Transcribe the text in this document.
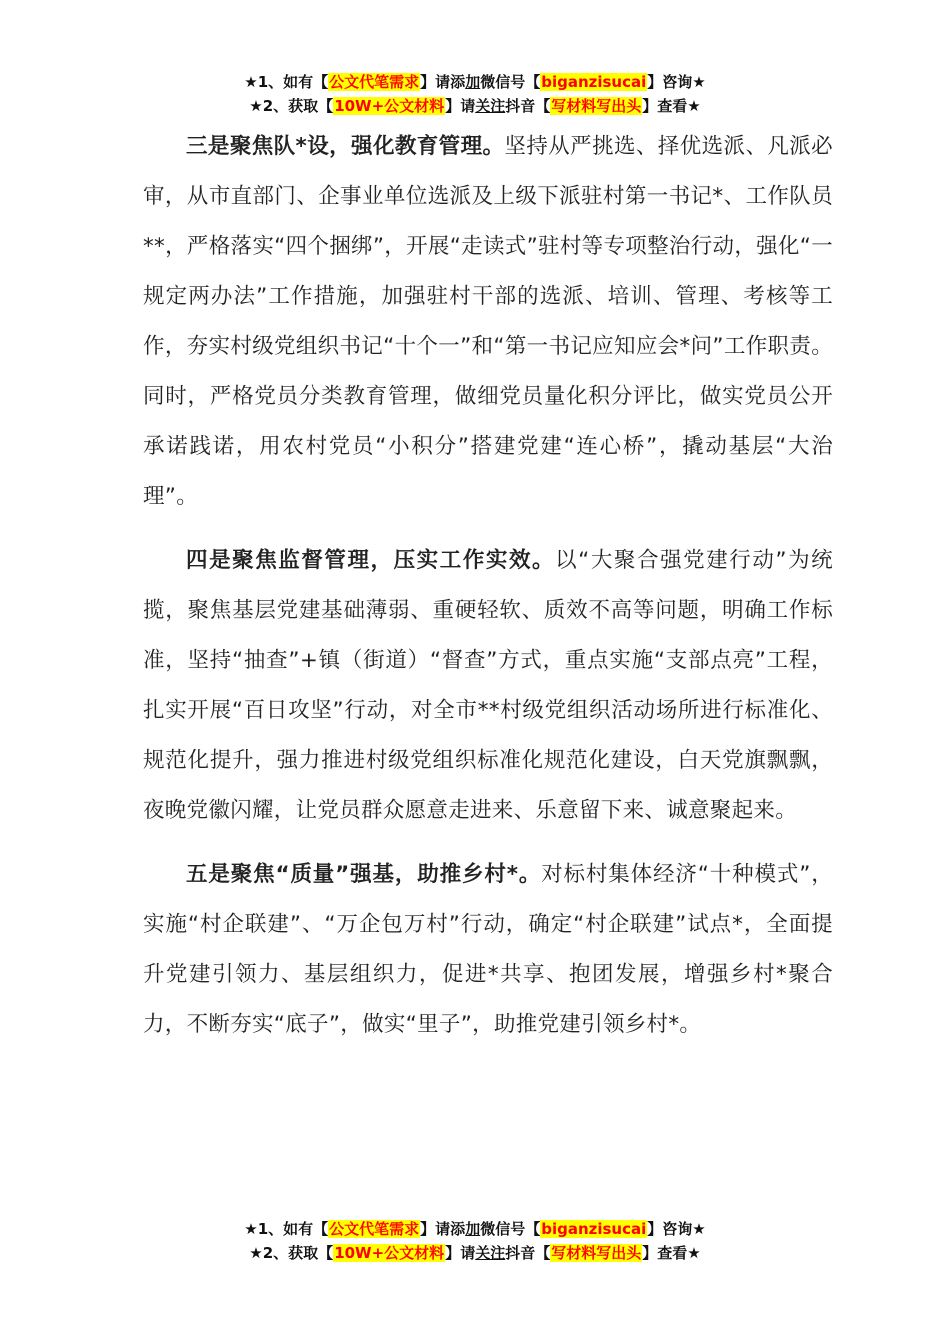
★1、如有【公文代笔需求】请添加微信号【biganzisucai】咨询★
★2、获取【10W+公文材料】请关注抖音【写材料写出头】查看★

三是聚焦队*设，强化教育管理。坚持从严挑选、择优选派、凡派必审，从市直部门、企事业单位选派及上级下派驻村第一书记*、工作队员**，严格落实“四个捆绑”，开展“走读式”驻村等专项整治行动，强化“一规定两办法”工作措施，加强驻村干部的选派、培训、管理、考核等工作，夯实村级党组织书记“十个一”和“第一书记应知应会*问”工作职责。同时，严格党员分类教育管理，做细党员量化积分评比，做实党员公开承诺践诺，用农村党员“小积分”搭建党建“连心桥”，撬动基层“大治理”。

四是聚焦监督管理，压实工作实效。以“大聚合强党建行动”为统揽，聚焦基层党建基础薄弱、重硬轻软、质效不高等问题，明确工作标准，坚持“抽查”+镇（街道）“督查”方式，重点实施“支部点亮”工程，扎实开展“百日攻坚”行动，对全市**村级党组织活动场所进行标准化、规范化提升，强力推进村级党组织标准化规范化建设，白天党旗飘飘，夜晚党徽闪耀，让党员群众愿意走进来、乐意留下来、诚意聚起来。

五是聚焦“质量”强基，助推乡村*。对标村集体经济“十种模式”，实施“村企联建”、“万企包万村”行动，确定“村企联建”试点*，全面提升党建引领力、基层组织力，促进*共享、抱团发展，增强乡村*聚合力，不断夯实“底子”，做实“里子”，助推党建引领乡村*。

★1、如有【公文代笔需求】请添加微信号【biganzisucai】咨询★
★2、获取【10W+公文材料】请关注抖音【写材料写出头】查看★
